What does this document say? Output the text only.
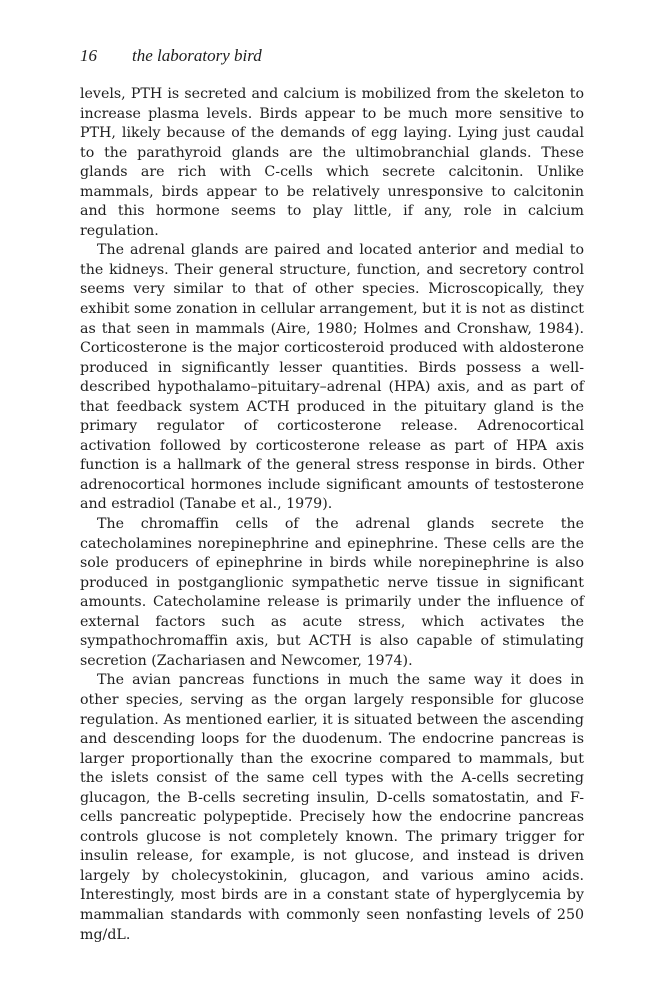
16 the laboratory bird

levels, PTH is secreted and calcium is mobilized from the skeleton to increase plasma levels. Birds appear to be much more sensitive to PTH, likely because of the demands of egg laying. Lying just caudal to the parathyroid glands are the ultimobranchial glands. These glands are rich with C-cells which secrete calcitonin. Unlike mammals, birds appear to be relatively unresponsive to calcitonin and this hormone seems to play little, if any, role in calcium regulation.

The adrenal glands are paired and located anterior and medial to the kidneys. Their general structure, function, and secretory control seems very similar to that of other species. Microscopically, they exhibit some zonation in cellular arrangement, but it is not as distinct as that seen in mammals (Aire, 1980; Holmes and Cronshaw, 1984). Corticosterone is the major corticosteroid produced with aldosterone produced in significantly lesser quantities. Birds possess a well-described hypothalamo–pituitary–adrenal (HPA) axis, and as part of that feedback system ACTH produced in the pituitary gland is the primary regulator of corticosterone release. Adrenocortical activation followed by corticosterone release as part of HPA axis function is a hallmark of the general stress response in birds. Other adrenocortical hormones include significant amounts of testosterone and estradiol (Tanabe et al., 1979).

The chromaffin cells of the adrenal glands secrete the catecholamines norepinephrine and epinephrine. These cells are the sole producers of epinephrine in birds while norepinephrine is also produced in postganglionic sympathetic nerve tissue in significant amounts. Catecholamine release is primarily under the influence of external factors such as acute stress, which activates the sympathochromaffin axis, but ACTH is also capable of stimulating secretion (Zachariasen and Newcomer, 1974).

The avian pancreas functions in much the same way it does in other species, serving as the organ largely responsible for glucose regulation. As mentioned earlier, it is situated between the ascending and descending loops for the duodenum. The endocrine pancreas is larger proportionally than the exocrine compared to mammals, but the islets consist of the same cell types with the A-cells secreting glucagon, the B-cells secreting insulin, D-cells somatostatin, and F-cells pancreatic polypeptide. Precisely how the endocrine pancreas controls glucose is not completely known. The primary trigger for insulin release, for example, is not glucose, and instead is driven largely by cholecystokinin, glucagon, and various amino acids. Interestingly, most birds are in a constant state of hyperglycemia by mammalian standards with commonly seen nonfasting levels of 250 mg/dL.
